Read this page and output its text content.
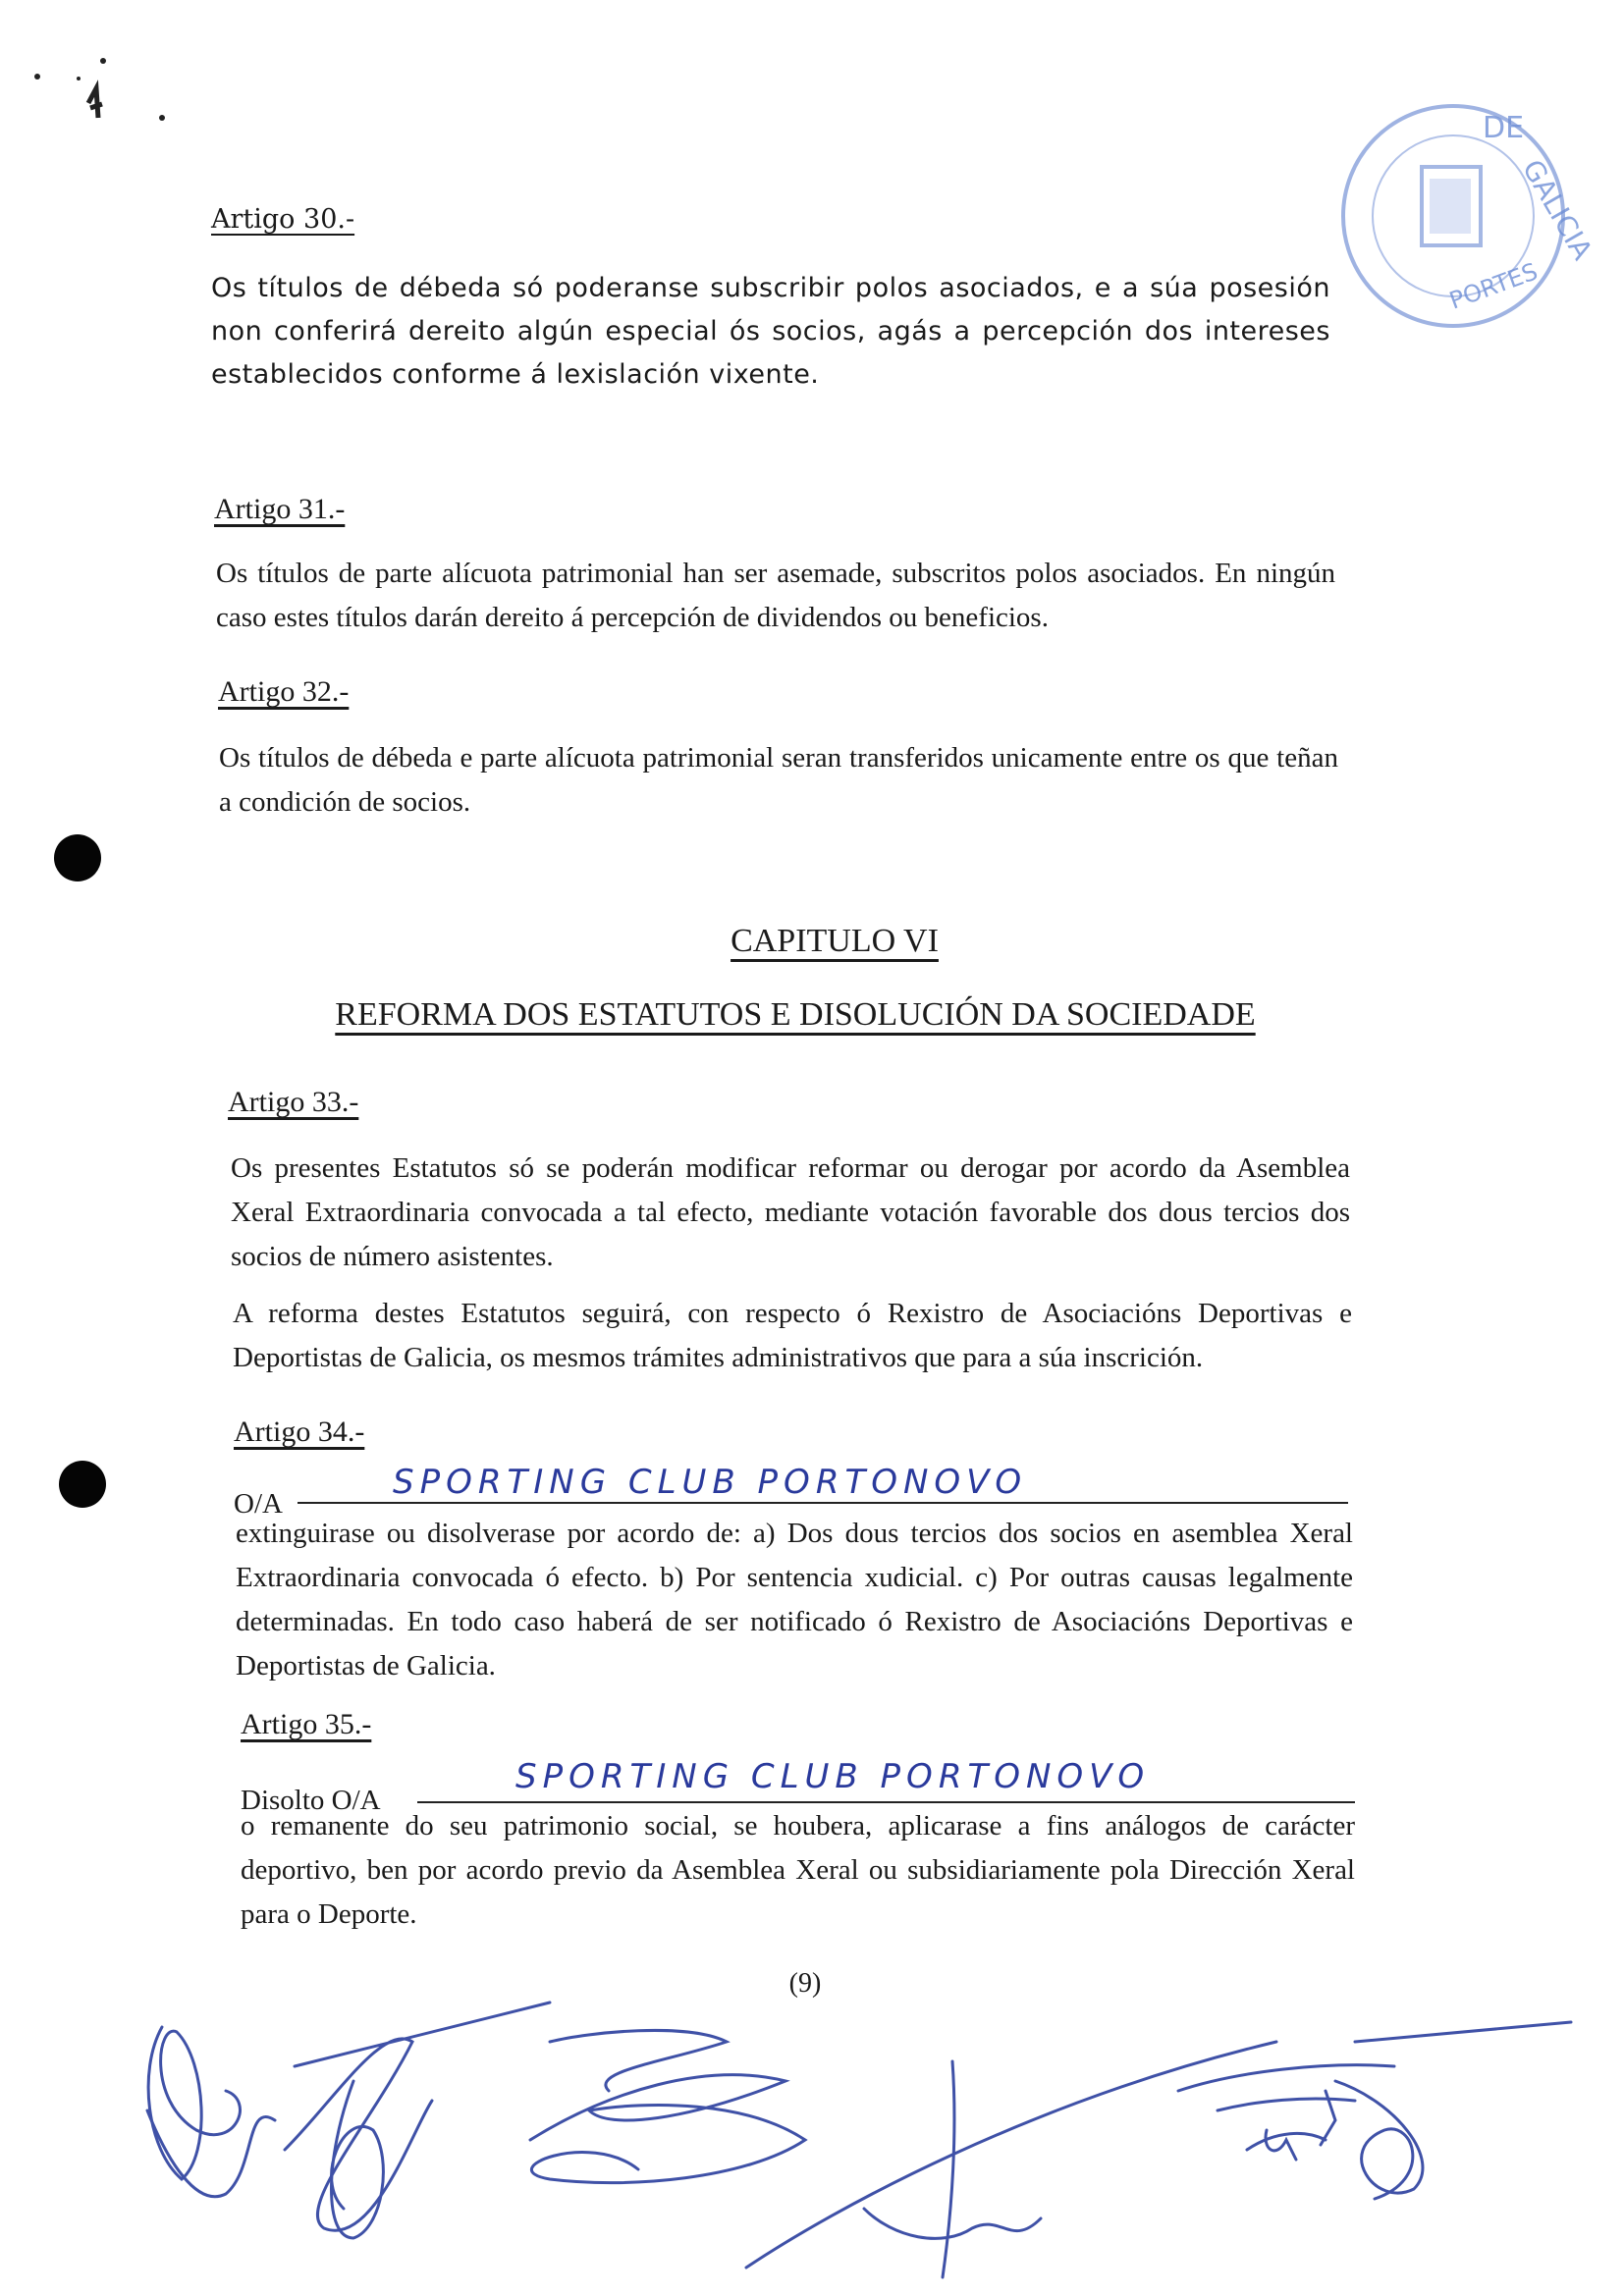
DE
GALICIA
PORTES
Artigo 30.-
Os títulos de débeda só poderanse subscribir polos asociados, e a súa posesión non conferirá dereito algún especial ós socios, agás a percepción dos intereses establecidos conforme á lexislación vixente.
Artigo 31.-
Os títulos de parte alícuota patrimonial han ser asemade, subscritos polos asociados. En ningún caso estes títulos darán dereito á percepción de dividendos ou beneficios.
Artigo 32.-
Os títulos de débeda e parte alícuota patrimonial seran transferidos unicamente entre os que teñan a condición de socios.
CAPITULO VI
REFORMA DOS ESTATUTOS E DISOLUCIÓN DA SOCIEDADE
Artigo 33.-
Os presentes Estatutos só se poderán modificar reformar ou derogar por acordo da Asemblea Xeral Extraordinaria convocada a tal efecto, mediante votación favorable dos dous tercios dos socios de número asistentes.
A reforma destes Estatutos seguirá, con respecto ó Rexistro de Asociacións Deportivas e Deportistas de Galicia, os mesmos trámites administrativos que para a súa inscrición.
Artigo 34.-
O/A
SPORTING CLUB PORTONOVO
extinguirase ou disolverase por acordo de: a) Dos dous tercios dos socios en asemblea Xeral Extraordinaria convocada ó efecto. b) Por sentencia xudicial. c) Por outras causas legalmente determinadas. En todo caso haberá de ser notificado ó Rexistro de Asociacións Deportivas e Deportistas de Galicia.
Artigo 35.-
Disolto O/A
SPORTING CLUB PORTONOVO
o remanente do seu patrimonio social, se houbera, aplicarase a fins análogos de carácter deportivo, ben por acordo previo da Asemblea Xeral ou subsidiariamente pola Dirección Xeral para o Deporte.
(9)
